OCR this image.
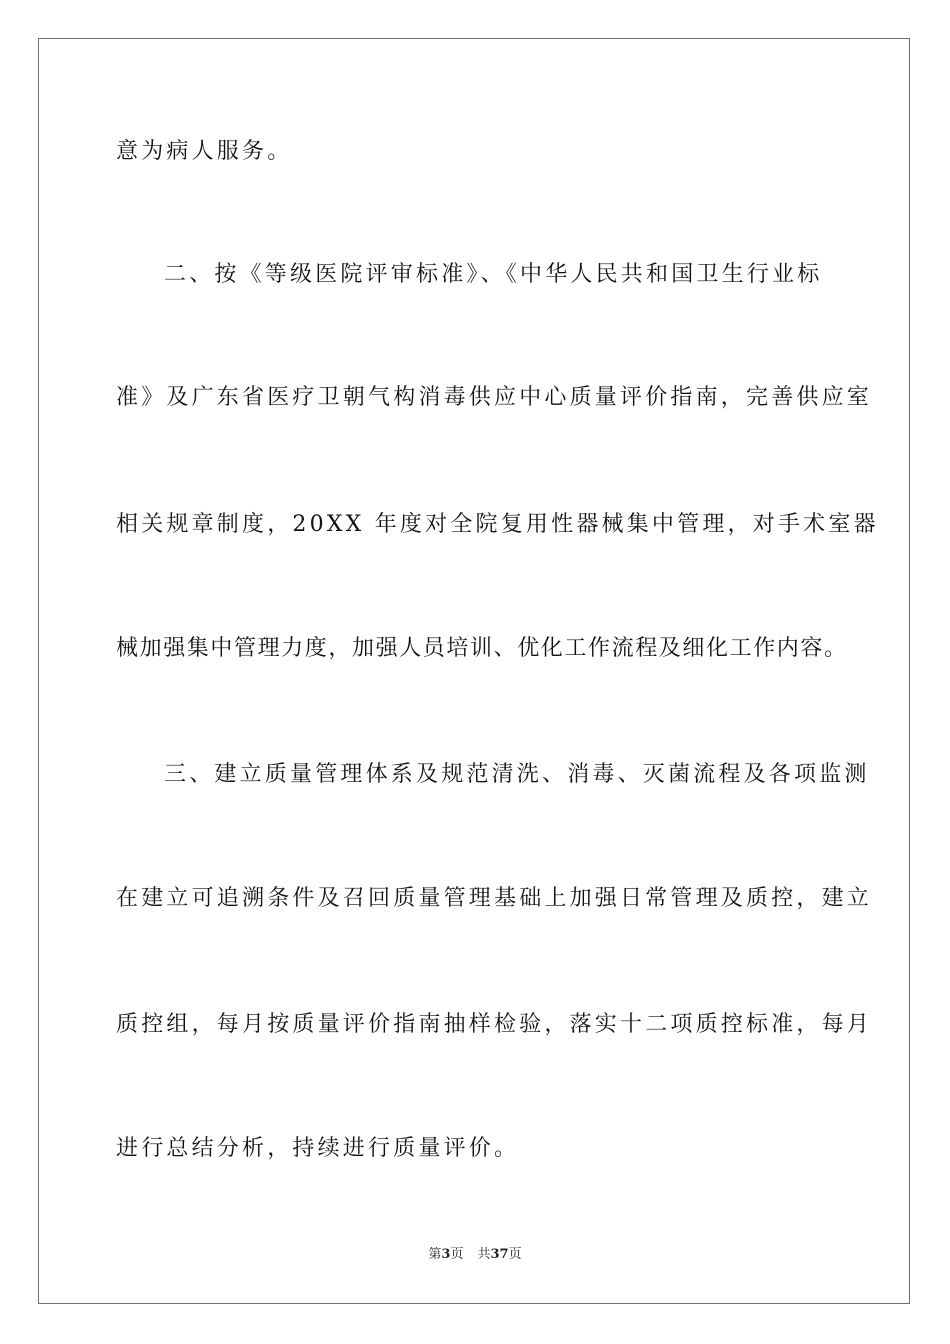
意为病人服务。
二、按《等级医院评审标准》、《中华人民共和国卫生行业标
准》及广东省医疗卫朝气构消毒供应中心质量评价指南，完善供应室
相关规章制度，20XX 年度对全院复用性器械集中管理，对手术室器
械加强集中管理力度，加强人员培训、优化工作流程及细化工作内容。
三、建立质量管理体系及规范清洗、消毒、灭菌流程及各项监测
在建立可追溯条件及召回质量管理基础上加强日常管理及质控，建立
质控组，每月按质量评价指南抽样检验，落实十二项质控标准，每月
进行总结分析，持续进行质量评价。
第3页 共37页
